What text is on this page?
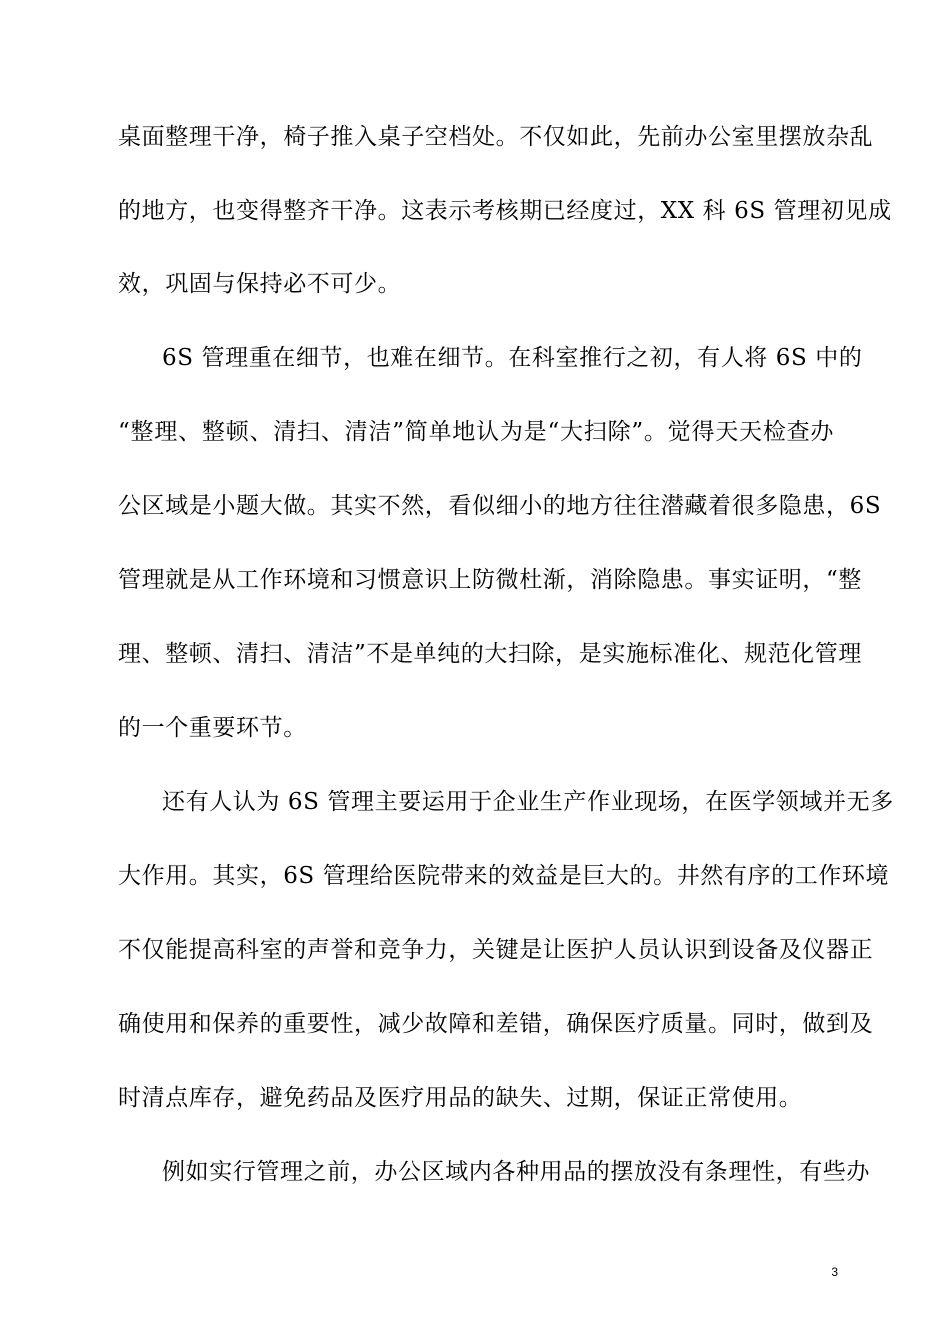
桌面整理干净，椅子推入桌子空档处。不仅如此，先前办公室里摆放杂乱
的地方，也变得整齐干净。这表示考核期已经度过，XX 科 6S 管理初见成
效，巩固与保持必不可少。
6S 管理重在细节，也难在细节。在科室推行之初，有人将 6S 中的
“整理、整顿、清扫、清洁”简单地认为是“大扫除”。觉得天天检查办
公区域是小题大做。其实不然，看似细小的地方往往潜藏着很多隐患，6S
管理就是从工作环境和习惯意识上防微杜渐，消除隐患。事实证明，“整
理、整顿、清扫、清洁”不是单纯的大扫除，是实施标准化、规范化管理
的一个重要环节。
还有人认为 6S 管理主要运用于企业生产作业现场，在医学领域并无多
大作用。其实，6S 管理给医院带来的效益是巨大的。井然有序的工作环境
不仅能提高科室的声誉和竞争力，关键是让医护人员认识到设备及仪器正
确使用和保养的重要性，减少故障和差错，确保医疗质量。同时，做到及
时清点库存，避免药品及医疗用品的缺失、过期，保证正常使用。
例如实行管理之前，办公区域内各种用品的摆放没有条理性，有些办
3
